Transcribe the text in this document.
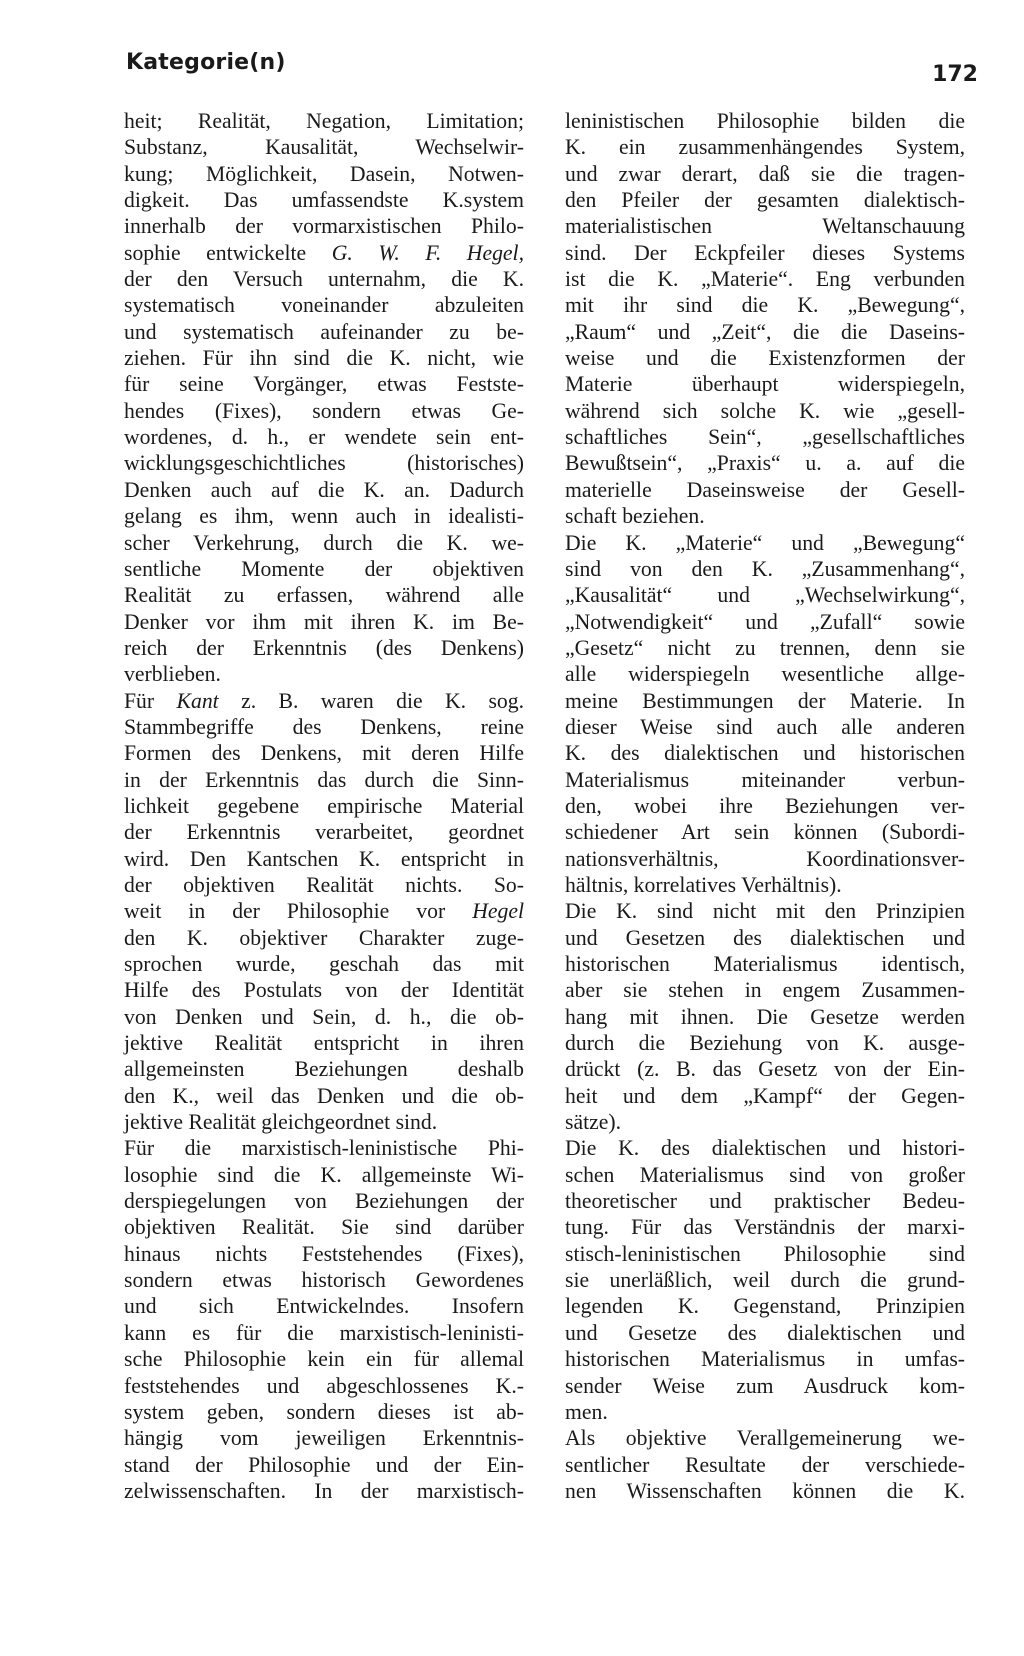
Kategorie(n)	172
heit; Realität, Negation, Limitation;
Substanz, Kausalität, Wechselwir-
kung; Möglichkeit, Dasein, Notwen-
digkeit. Das umfassendste K.system
innerhalb der vormarxistischen Philo-
sophie entwickelte G. W. F. Hegel,
der den Versuch unternahm, die K.
systematisch voneinander abzuleiten
und systematisch aufeinander zu be-
ziehen. Für ihn sind die K. nicht, wie
für seine Vorgänger, etwas Festste-
hendes (Fixes), sondern etwas Ge-
wordenes, d. h., er wendete sein ent-
wicklungsgeschichtliches (historisches)
Denken auch auf die K. an. Dadurch
gelang es ihm, wenn auch in idealisti-
scher Verkehrung, durch die K. we-
sentliche Momente der objektiven
Realität zu erfassen, während alle
Denker vor ihm mit ihren K. im Be-
reich der Erkenntnis (des Denkens)
verblieben.
Für Kant z. B. waren die K. sog.
Stammbegriffe des Denkens, reine
Formen des Denkens, mit deren Hilfe
in der Erkenntnis das durch die Sinn-
lichkeit gegebene empirische Material
der Erkenntnis verarbeitet, geordnet
wird. Den Kantschen K. entspricht in
der objektiven Realität nichts. So-
weit in der Philosophie vor Hegel
den K. objektiver Charakter zuge-
sprochen wurde, geschah das mit
Hilfe des Postulats von der Identität
von Denken und Sein, d. h., die ob-
jektive Realität entspricht in ihren
allgemeinsten Beziehungen deshalb
den K., weil das Denken und die ob-
jektive Realität gleichgeordnet sind.
Für die marxistisch-leninistische Phi-
losophie sind die K. allgemeinste Wi-
derspiegelungen von Beziehungen der
objektiven Realität. Sie sind darüber
hinaus nichts Feststehendes (Fixes),
sondern etwas historisch Gewordenes
und sich Entwickelndes. Insofern
kann es für die marxistisch-leninisti-
sche Philosophie kein ein für allemal
feststehendes und abgeschlossenes K.-
system geben, sondern dieses ist ab-
hängig vom jeweiligen Erkenntnis-
stand der Philosophie und der Ein-
zelwissenschaften. In der marxistisch-
leninistischen Philosophie bilden die
K. ein zusammenhängendes System,
und zwar derart, daß sie die tragen-
den Pfeiler der gesamten dialektisch-
materialistischen Weltanschauung
sind. Der Eckpfeiler dieses Systems
ist die K. „Materie“. Eng verbunden
mit ihr sind die K. „Bewegung“,
„Raum“ und „Zeit“, die die Daseins-
weise und die Existenzformen der
Materie überhaupt widerspiegeln,
während sich solche K. wie „gesell-
schaftliches Sein“, „gesellschaftliches
Bewußtsein“, „Praxis“ u. a. auf die
materielle Daseinsweise der Gesell-
schaft beziehen.
Die K. „Materie“ und „Bewegung“
sind von den K. „Zusammenhang“,
„Kausalität“ und „Wechselwirkung“,
„Notwendigkeit“ und „Zufall“ sowie
„Gesetz“ nicht zu trennen, denn sie
alle widerspiegeln wesentliche allge-
meine Bestimmungen der Materie. In
dieser Weise sind auch alle anderen
K. des dialektischen und historischen
Materialismus miteinander verbun-
den, wobei ihre Beziehungen ver-
schiedener Art sein können (Subordi-
nationsverhältnis, Koordinationsver-
hältnis, korrelatives Verhältnis).
Die K. sind nicht mit den Prinzipien
und Gesetzen des dialektischen und
historischen Materialismus identisch,
aber sie stehen in engem Zusammen-
hang mit ihnen. Die Gesetze werden
durch die Beziehung von K. ausge-
drückt (z. B. das Gesetz von der Ein-
heit und dem „Kampf“ der Gegen-
sätze).
Die K. des dialektischen und histori-
schen Materialismus sind von großer
theoretischer und praktischer Bedeu-
tung. Für das Verständnis der marxi-
stisch-leninistischen Philosophie sind
sie unerläßlich, weil durch die grund-
legenden K. Gegenstand, Prinzipien
und Gesetze des dialektischen und
historischen Materialismus in umfas-
sender Weise zum Ausdruck kom-
men.
Als objektive Verallgemeinerung we-
sentlicher Resultate der verschiede-
nen Wissenschaften können die K.
